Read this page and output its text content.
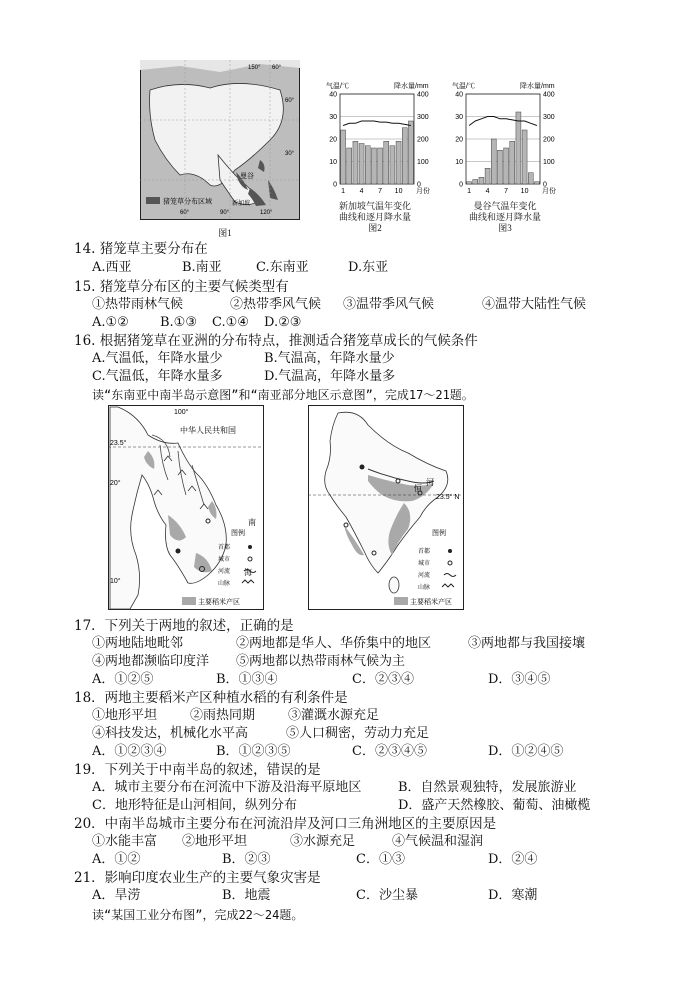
150° 60°
60°
30°
曼谷
新加坡
猪笼草分布区域
60°	90°	120°
图1
气温/℃	降水量/mm
40
30
20
10
0
400
300
200
100
0
1 4 7 10 月份
新加坡气温年变化
曲线和逐月降水量
图2
气温/℃	降水量/mm
40
30
20
10
0
400
300
200
100
0
1 4 7 10 月份
曼谷气温年变化
曲线和逐月降水量
图3
14. 猪笼草主要分布在
A.西亚	B.南亚	C.东南亚	D.东亚
15. 猪笼草分布区的主要气候类型有
①热带雨林气候	②热带季风气候 ③温带季风气候	④温带大陆性气候
A.①② B.①③ C.①④ D.②③
16. 根据猪笼草在亚洲的分布特点，推测适合猪笼草成长的气候条件
A.气温低，年降水量少	B.气温高，年降水量少
C.气温低，年降水量多	D.气温高，年降水量多
读“东南亚中南半岛示意图”和“南亚部分地区示意图”，完成17～21题。
100°
中华人民共和国
23.5°
20°
10°
南
海
图例
首都
城市
河流
山脉
主要稻米产区
恒
河
23.5° N
图例
首都
城市
河流
山脉
主要稻米产区
17．下列关于两地的叙述，正确的是
①两地陆地毗邻	②两地都是华人、华侨集中的地区	③两地都与我国接壤
④两地都濒临印度洋 ⑤两地都以热带雨林气候为主
A．①②⑤	B．①③④	C．②③④	D．③④⑤
18．两地主要稻米产区种植水稻的有利条件是
①地形平坦	②雨热同期	③灌溉水源充足
④科技发达，机械化水平高	⑤人口稠密，劳动力充足
A．①②③④	B．①②③⑤	C．②③④⑤	D．①②④⑤
19．下列关于中南半岛的叙述，错误的是
A．城市主要分布在河流中下游及沿海平原地区	B．自然景观独特，发展旅游业
C．地形特征是山河相间，纵列分布	D．盛产天然橡胶、葡萄、油橄榄
20．中南半岛城市主要分布在河流沿岸及河口三角洲地区的主要原因是
①水能丰富 ②地形平坦	③水源充足	④气候温和湿润
A．①②	B．②③	C．①③	D．②④
21．影响印度农业生产的主要气象灾害是
A．旱涝	B．地震	C．沙尘暴	D．寒潮
读“某国工业分布图”，完成22～24题。
